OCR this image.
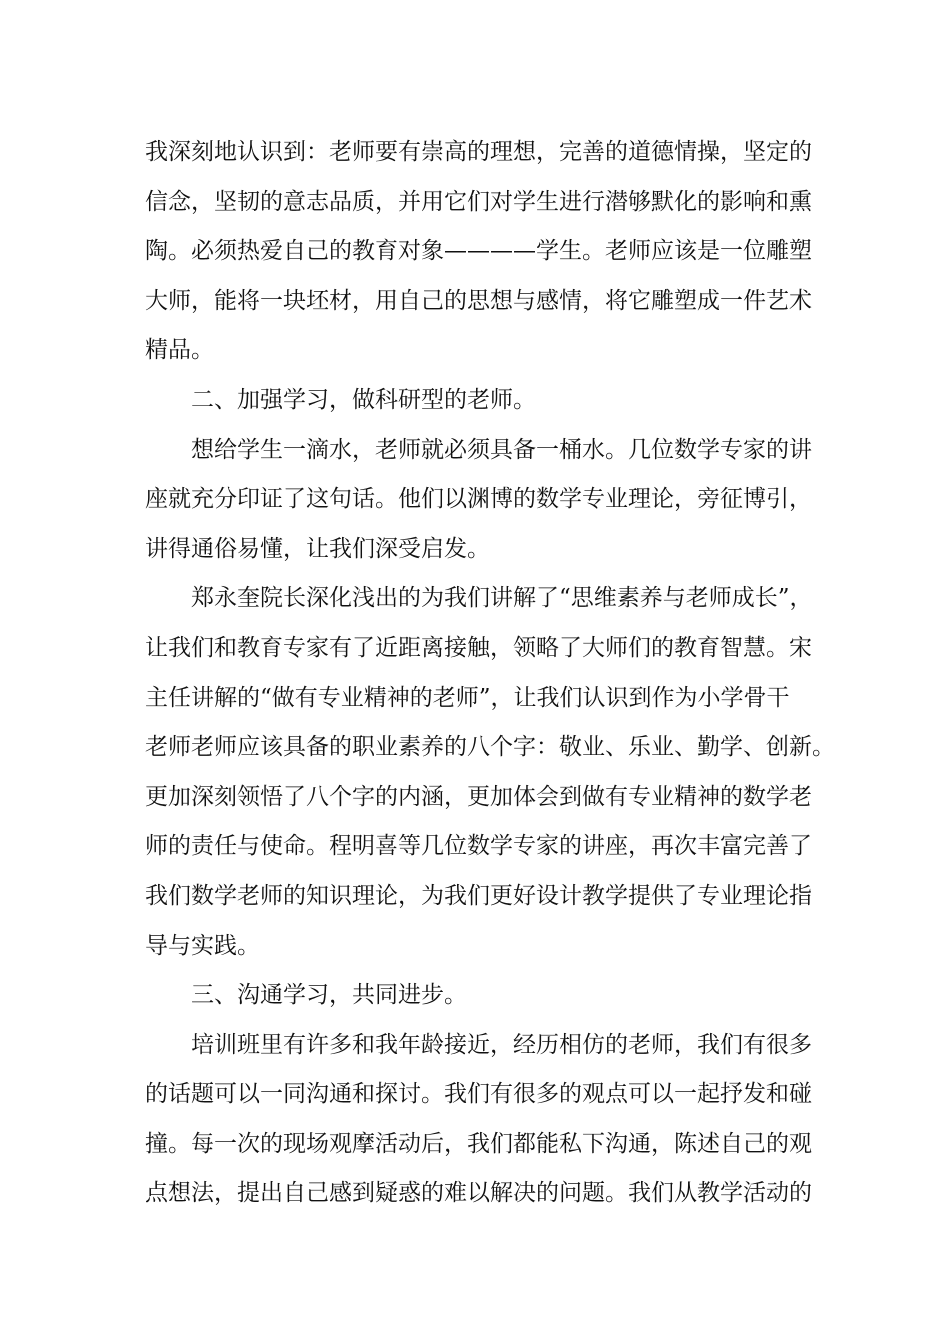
我深刻地认识到：老师要有崇高的理想，完善的道德情操，坚定的
信念，坚韧的意志品质，并用它们对学生进行潜够默化的影响和熏
陶。必须热爱自己的教育对象————学生。老师应该是一位雕塑
大师，能将一块坯材，用自己的思想与感情，将它雕塑成一件艺术
精品。
二、加强学习，做科研型的老师。
想给学生一滴水，老师就必须具备一桶水。几位数学专家的讲
座就充分印证了这句话。他们以渊博的数学专业理论，旁征博引，
讲得通俗易懂，让我们深受启发。
郑永奎院长深化浅出的为我们讲解了“思维素养与老师成长”，
让我们和教育专家有了近距离接触，领略了大师们的教育智慧。宋
主任讲解的“做有专业精神的老师”，让我们认识到作为小学骨干
老师老师应该具备的职业素养的八个字：敬业、乐业、勤学、创新。
更加深刻领悟了八个字的内涵，更加体会到做有专业精神的数学老
师的责任与使命。程明喜等几位数学专家的讲座，再次丰富完善了
我们数学老师的知识理论，为我们更好设计教学提供了专业理论指
导与实践。
三、沟通学习，共同进步。
培训班里有许多和我年龄接近，经历相仿的老师，我们有很多
的话题可以一同沟通和探讨。我们有很多的观点可以一起抒发和碰
撞。每一次的现场观摩活动后，我们都能私下沟通，陈述自己的观
点想法，提出自己感到疑惑的难以解决的问题。我们从教学活动的
